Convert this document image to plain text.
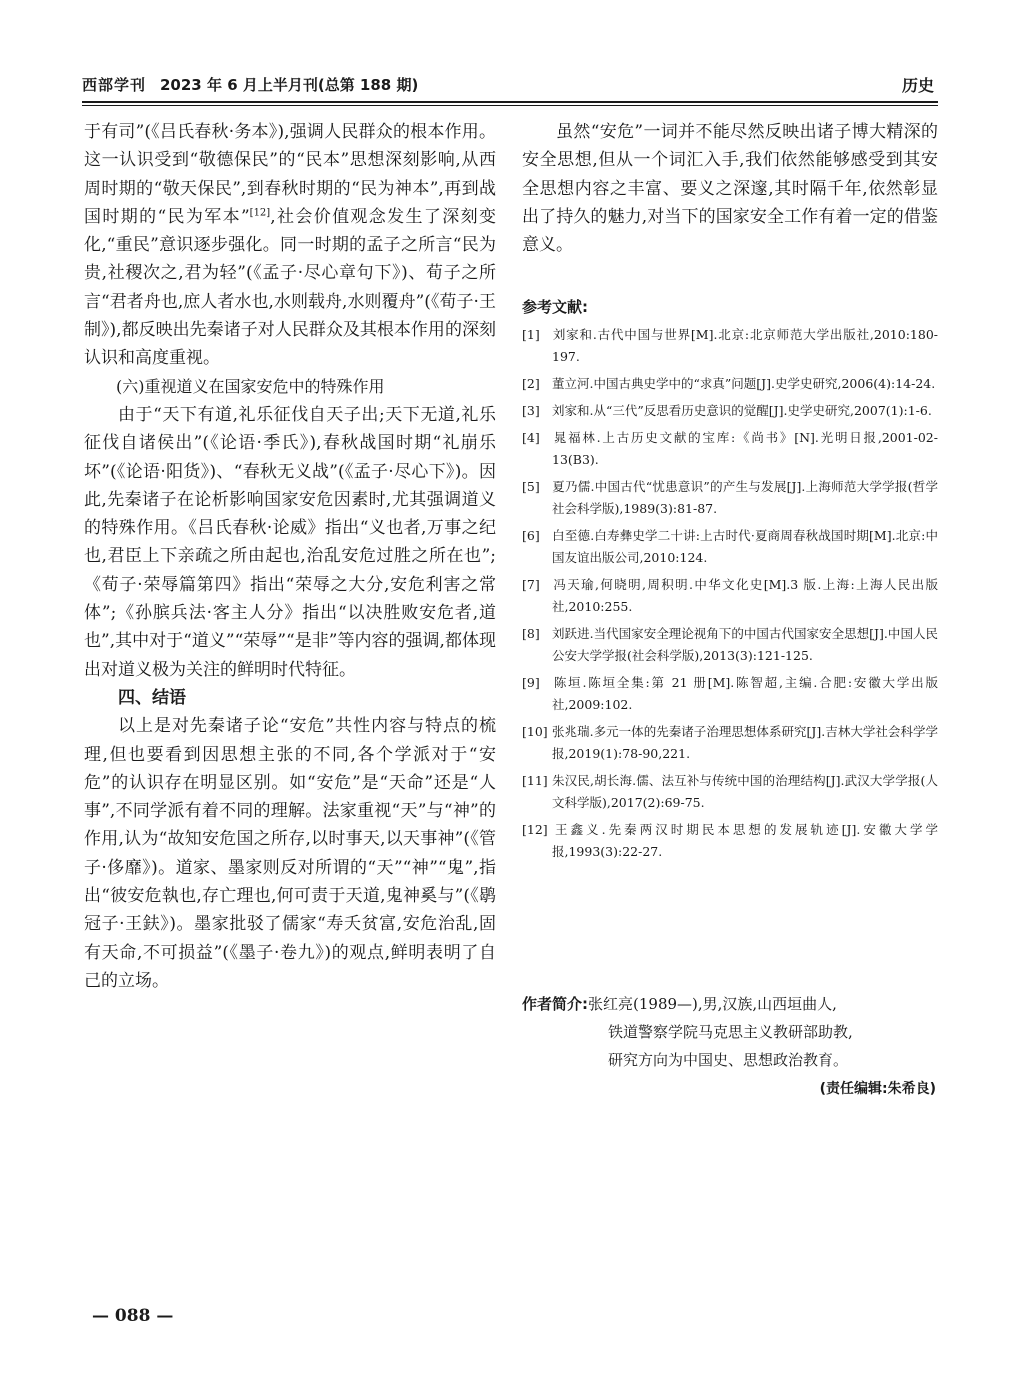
西部学刊 2023 年 6 月上半月刊(总第 188 期)	历史

于有司”(《吕氏春秋·务本》),强调人民群众的根本作用。这一认识受到“敬德保民”的“民本”思想深刻影响,从西周时期的“敬天保民”,到春秋时期的“民为神本”,再到战国时期的“民为军本”[12],社会价值观念发生了深刻变化,“重民”意识逐步强化。同一时期的孟子之所言“民为贵,社稷次之,君为轻”(《孟子·尽心章句下》)、荀子之所言“君者舟也,庶人者水也,水则载舟,水则覆舟”(《荀子·王制》),都反映出先秦诸子对人民群众及其根本作用的深刻认识和高度重视。

(六)重视道义在国家安危中的特殊作用

由于“天下有道,礼乐征伐自天子出;天下无道,礼乐征伐自诸侯出”(《论语·季氏》),春秋战国时期“礼崩乐坏”(《论语·阳货》)、“春秋无义战”(《孟子·尽心下》)。因此,先秦诸子在论析影响国家安危因素时,尤其强调道义的特殊作用。《吕氏春秋·论威》指出“义也者,万事之纪也,君臣上下亲疏之所由起也,治乱安危过胜之所在也”;《荀子·荣辱篇第四》指出“荣辱之大分,安危利害之常体”;《孙膑兵法·客主人分》指出“以决胜败安危者,道也”,其中对于“道义”“荣辱”“是非”等内容的强调,都体现出对道义极为关注的鲜明时代特征。

四、结语

以上是对先秦诸子论“安危”共性内容与特点的梳理,但也要看到因思想主张的不同,各个学派对于“安危”的认识存在明显区别。如“安危”是“天命”还是“人事”,不同学派有着不同的理解。法家重视“天”与“神”的作用,认为“故知安危国之所存,以时事天,以天事神”(《管子·侈靡》)。道家、墨家则反对所谓的“天”“神”“鬼”,指出“彼安危執也,存亡理也,何可责于天道,鬼神奚与”(《鹖冠子·王鈇》)。墨家批驳了儒家“寿夭贫富,安危治乱,固有天命,不可损益”(《墨子·卷九》)的观点,鲜明表明了自己的立场。

虽然“安危”一词并不能尽然反映出诸子博大精深的安全思想,但从一个词汇入手,我们依然能够感受到其安全思想内容之丰富、要义之深邃,其时隔千年,依然彰显出了持久的魅力,对当下的国家安全工作有着一定的借鉴意义。

参考文献:
[1] 刘家和.古代中国与世界[M].北京:北京师范大学出版社,2010:180-197.
[2] 董立河.中国古典史学中的“求真”问题[J].史学史研究,2006(4):14-24.
[3] 刘家和.从“三代”反思看历史意识的觉醒[J].史学史研究,2007(1):1-6.
[4] 晁福林.上古历史文献的宝库:《尚书》[N].光明日报,2001-02-13(B3).
[5] 夏乃儒.中国古代“忧患意识”的产生与发展[J].上海师范大学学报(哲学社会科学版),1989(3):81-87.
[6] 白至德.白寿彝史学二十讲:上古时代·夏商周春秋战国时期[M].北京:中国友谊出版公司,2010:124.
[7] 冯天瑜,何晓明,周积明.中华文化史[M].3 版.上海:上海人民出版社,2010:255.
[8] 刘跃进.当代国家安全理论视角下的中国古代国家安全思想[J].中国人民公安大学学报(社会科学版),2013(3):121-125.
[9] 陈垣.陈垣全集:第 21 册[M].陈智超,主编.合肥:安徽大学出版社,2009:102.
[10] 张兆瑞.多元一体的先秦诸子治理思想体系研究[J].吉林大学社会科学学报,2019(1):78-90,221.
[11] 朱汉民,胡长海.儒、法互补与传统中国的治理结构[J].武汉大学学报(人文科学版),2017(2):69-75.
[12] 王鑫义.先秦两汉时期民本思想的发展轨迹[J].安徽大学学报,1993(3):22-27.
作者简介:张红亮(1989—),男,汉族,山西垣曲人,
铁道警察学院马克思主义教研部助教,
研究方向为中国史、思想政治教育。
(责任编辑:朱希良)
— 088 —
